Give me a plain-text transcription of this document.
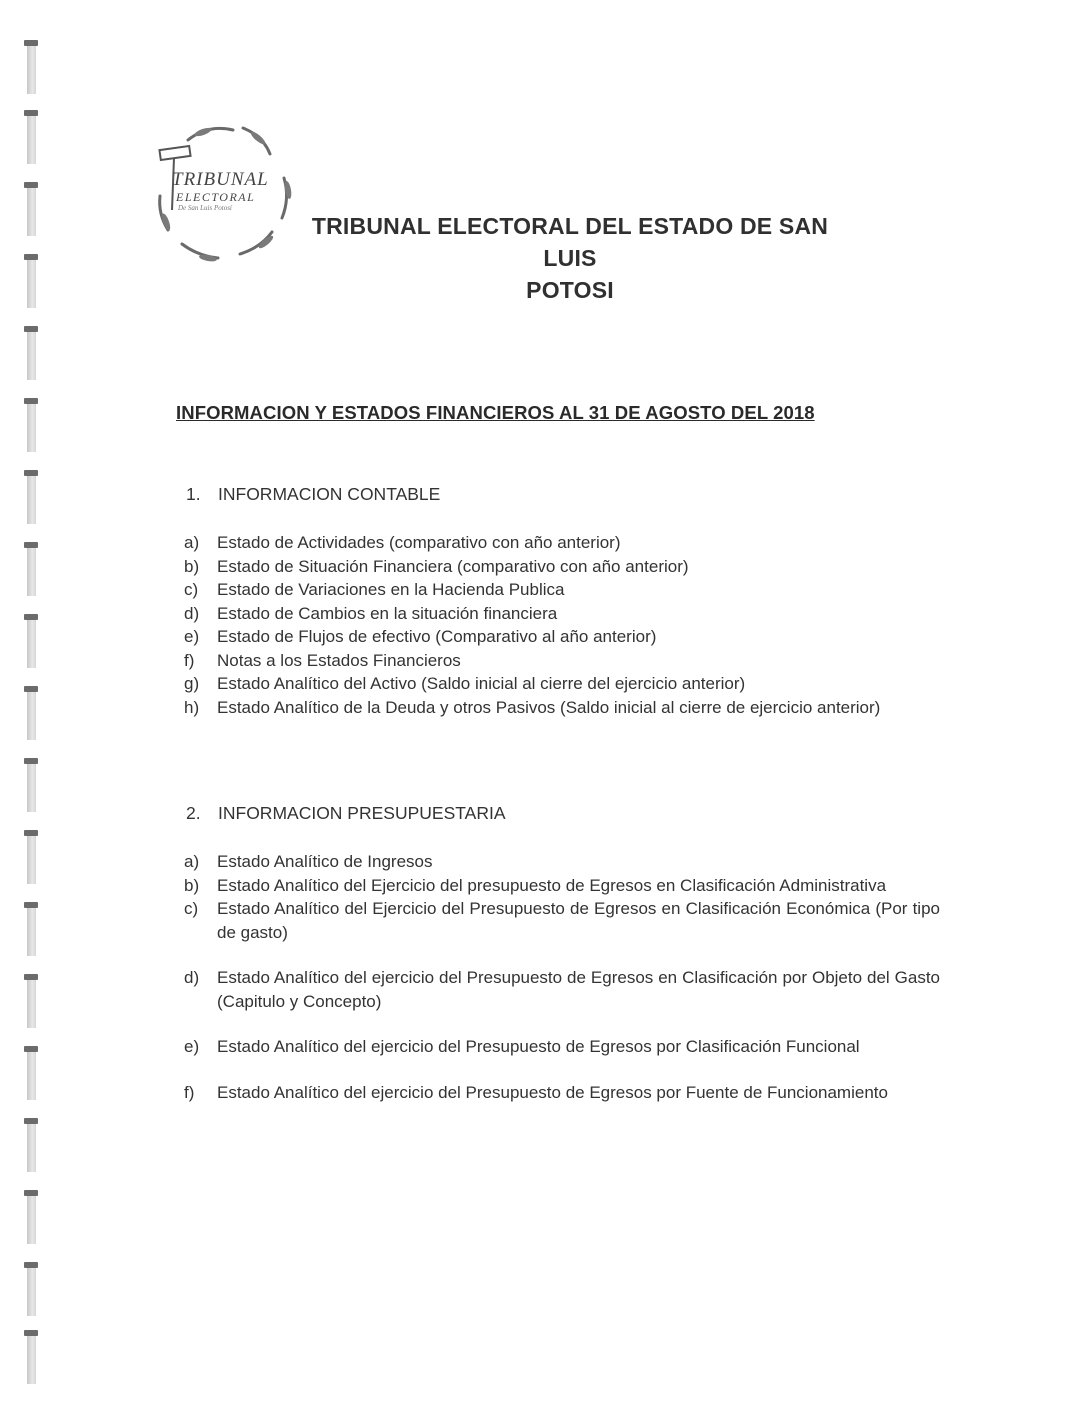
TRIBUNAL
ELECTORAL
De San Luis Potosí
TRIBUNAL ELECTORAL DEL ESTADO DE SAN LUIS
POTOSI
INFORMACION Y ESTADOS FINANCIEROS AL 31 DE AGOSTO DEL 2018
1. INFORMACION CONTABLE
a) Estado de Actividades (comparativo con año anterior)
b) Estado de Situación Financiera (comparativo con año anterior)
c) Estado de Variaciones en la Hacienda Publica
d) Estado de Cambios en la situación financiera
e) Estado de Flujos de efectivo (Comparativo al año anterior)
f) Notas a los Estados Financieros
g) Estado Analítico del Activo (Saldo inicial al cierre del ejercicio anterior)
h) Estado Analítico de la Deuda y otros Pasivos (Saldo inicial al cierre de ejercicio anterior)
2. INFORMACION PRESUPUESTARIA
a) Estado Analítico de Ingresos
b) Estado Analítico del Ejercicio del presupuesto de Egresos en Clasificación Administrativa
c) Estado Analítico del Ejercicio del Presupuesto de Egresos en Clasificación Económica (Por tipo de gasto)
d) Estado Analítico del ejercicio del Presupuesto de Egresos en Clasificación por Objeto del Gasto (Capitulo y Concepto)
e) Estado Analítico del ejercicio del Presupuesto de Egresos por Clasificación Funcional
f) Estado Analítico del ejercicio del Presupuesto de Egresos por Fuente de Funcionamiento
